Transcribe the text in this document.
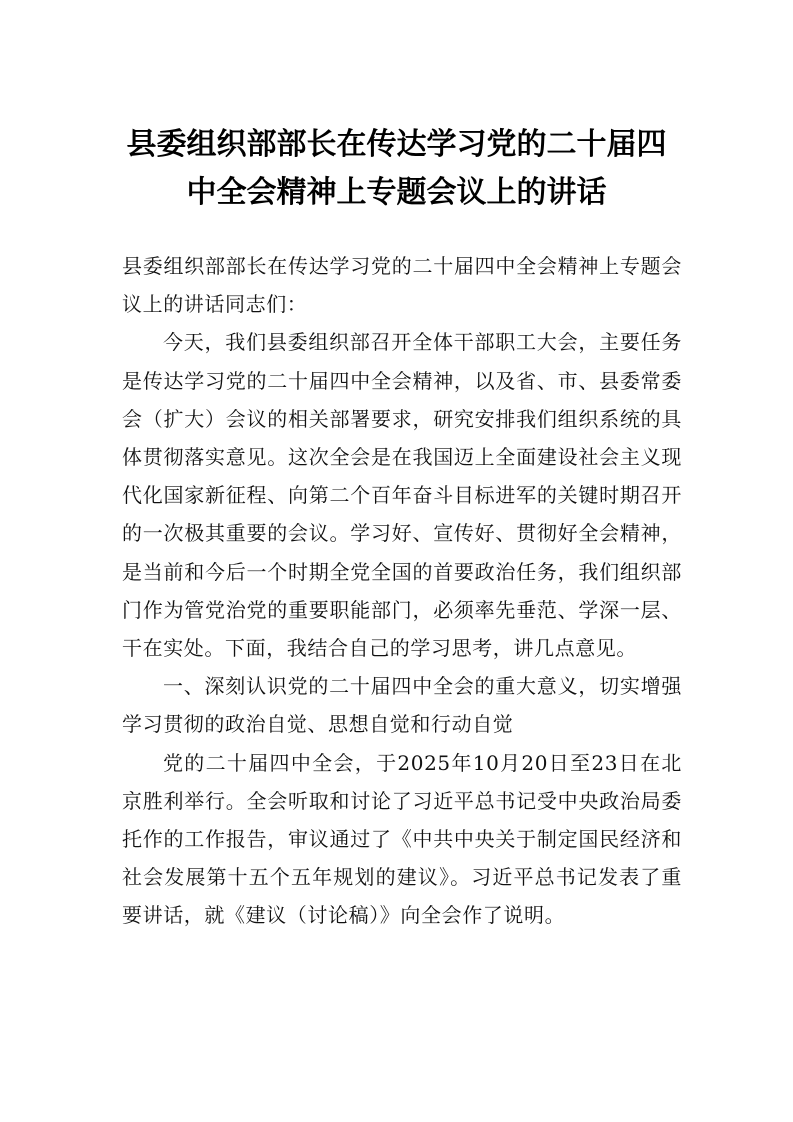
县委组织部部长在传达学习党的二十届四
中全会精神上专题会议上的讲话

县委组织部部长在传达学习党的二十届四中全会精神上专题会议上的讲话同志们：

今天，我们县委组织部召开全体干部职工大会，主要任务是传达学习党的二十届四中全会精神，以及省、市、县委常委会（扩大）会议的相关部署要求，研究安排我们组织系统的具体贯彻落实意见。这次全会是在我国迈上全面建设社会主义现代化国家新征程、向第二个百年奋斗目标进军的关键时期召开的一次极其重要的会议。学习好、宣传好、贯彻好全会精神，是当前和今后一个时期全党全国的首要政治任务，我们组织部门作为管党治党的重要职能部门，必须率先垂范、学深一层、干在实处。下面，我结合自己的学习思考，讲几点意见。

一、深刻认识党的二十届四中全会的重大意义，切实增强学习贯彻的政治自觉、思想自觉和行动自觉

党的二十届四中全会，于2025年10月20日至23日在北京胜利举行。全会听取和讨论了习近平总书记受中央政治局委托作的工作报告，审议通过了《中共中央关于制定国民经济和社会发展第十五个五年规划的建议》。习近平总书记发表了重要讲话，就《建议（讨论稿）》向全会作了说明。
